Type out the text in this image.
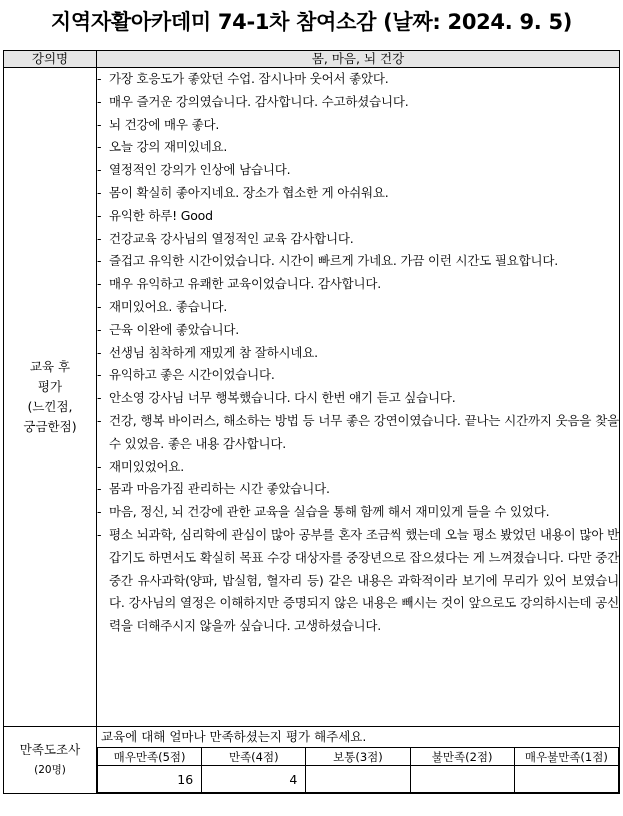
지역자활아카데미 74-1차 참여소감 (날짜: 2024. 9. 5)
강의명	몸, 마음, 뇌 건강

교육 후
평가
(느낀점,
궁금한점)

- 가장 호응도가 좋았던 수업. 잠시나마 웃어서 좋았다.
- 매우 즐거운 강의였습니다. 감사합니다. 수고하셨습니다.
- 뇌 건강에 매우 좋다.
- 오늘 강의 재미있네요.
- 열정적인 강의가 인상에 남습니다.
- 몸이 확실히 좋아지네요. 장소가 협소한 게 아쉬워요.
- 유익한 하루! Good
- 건강교육 강사님의 열정적인 교육 감사합니다.
- 즐겁고 유익한 시간이었습니다. 시간이 빠르게 가네요. 가끔 이런 시간도 필요합니다.
- 매우 유익하고 유쾌한 교육이었습니다. 감사합니다.
- 재미있어요. 좋습니다.
- 근육 이완에 좋았습니다.
- 선생님 침착하게 재밌게 참 잘하시네요.
- 유익하고 좋은 시간이었습니다.
- 안소영 강사님 너무 행복했습니다. 다시 한번 얘기 듣고 싶습니다.
- 건강, 행복 바이러스, 해소하는 방법 등 너무 좋은 강연이였습니다. 끝나는 시간까지 웃음을 찾을 수 있었음. 좋은 내용 감사합니다.
- 재미있었어요.
- 몸과 마음가짐 관리하는 시간 좋았습니다.
- 마음, 정신, 뇌 건강에 관한 교육을 실습을 통해 함께 해서 재미있게 들을 수 있었다.
- 평소 뇌과학, 심리학에 관심이 많아 공부를 혼자 조금씩 했는데 오늘 평소 봤었던 내용이 많아 반갑기도 하면서도 확실히 목표 수강 대상자를 중장년으로 잡으셨다는 게 느껴졌습니다. 다만 중간중간 유사과학(양파, 밥실험, 혈자리 등) 같은 내용은 과학적이라 보기에 무리가 있어 보였습니다. 강사님의 열정은 이해하지만 증명되지 않은 내용은 빼시는 것이 앞으로도 강의하시는데 공신력을 더해주시지 않을까 싶습니다. 고생하셨습니다.

만족도조사
(20명)

교육에 대해 얼마나 만족하셨는지 평가 해주세요.
매우만족(5점)	만족(4점)	보통(3점)	불만족(2점)	매우불만족(1점)
16	4			
